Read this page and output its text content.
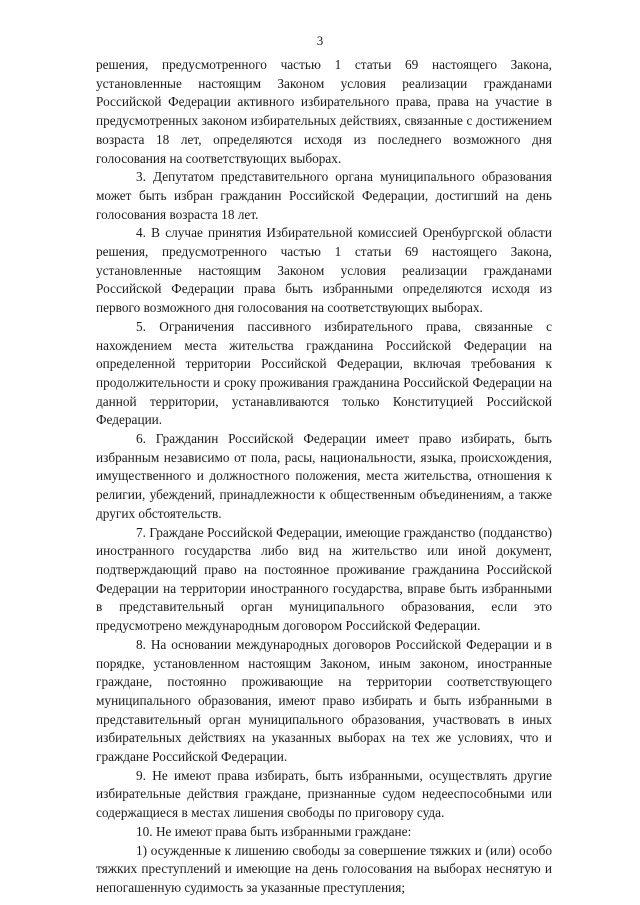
3

решения, предусмотренного частью 1 статьи 69 настоящего Закона, установленные настоящим Законом условия реализации гражданами Российской Федерации активного избирательного права, права на участие в предусмотренных законом избирательных действиях, связанные с достижением возраста 18 лет, определяются исходя из последнего возможного дня голосования на соответствующих выборах.

3. Депутатом представительного органа муниципального образования может быть избран гражданин Российской Федерации, достигший на день голосования возраста 18 лет.

4. В случае принятия Избирательной комиссией Оренбургской области решения, предусмотренного частью 1 статьи 69 настоящего Закона, установленные настоящим Законом условия реализации гражданами Российской Федерации права быть избранными определяются исходя из первого возможного дня голосования на соответствующих выборах.

5. Ограничения пассивного избирательного права, связанные с нахождением места жительства гражданина Российской Федерации на определенной территории Российской Федерации, включая требования к продолжительности и сроку проживания гражданина Российской Федерации на данной территории, устанавливаются только Конституцией Российской Федерации.

6. Гражданин Российской Федерации имеет право избирать, быть избранным независимо от пола, расы, национальности, языка, происхождения, имущественного и должностного положения, места жительства, отношения к религии, убеждений, принадлежности к общественным объединениям, а также других обстоятельств.

7. Граждане Российской Федерации, имеющие гражданство (подданство) иностранного государства либо вид на жительство или иной документ, подтверждающий право на постоянное проживание гражданина Российской Федерации на территории иностранного государства, вправе быть избранными в представительный орган муниципального образования, если это предусмотрено международным договором Российской Федерации.

8. На основании международных договоров Российской Федерации и в порядке, установленном настоящим Законом, иным законом, иностранные граждане, постоянно проживающие на территории соответствующего муниципального образования, имеют право избирать и быть избранными в представительный орган муниципального образования, участвовать в иных избирательных действиях на указанных выборах на тех же условиях, что и граждане Российской Федерации.

9. Не имеют права избирать, быть избранными, осуществлять другие избирательные действия граждане, признанные судом недееспособными или содержащиеся в местах лишения свободы по приговору суда.

10. Не имеют права быть избранными граждане:

1) осужденные к лишению свободы за совершение тяжких и (или) особо тяжких преступлений и имеющие на день голосования на выборах неснятую и непогашенную судимость за указанные преступления;
